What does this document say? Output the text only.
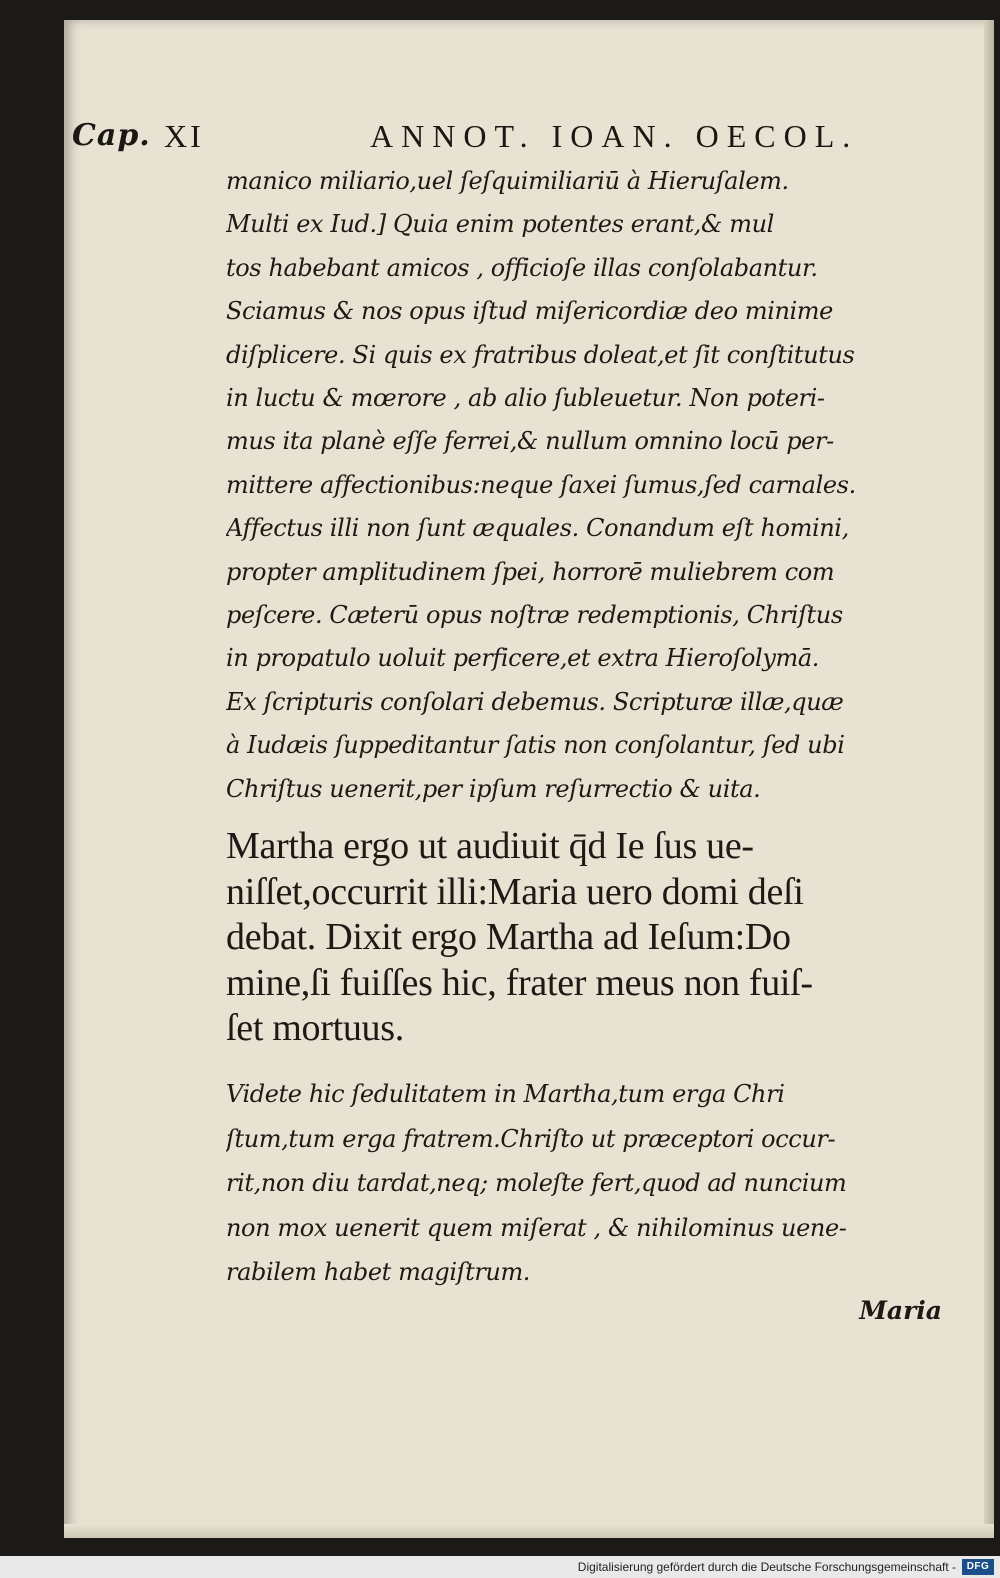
Cap. XI	ANNOT. IOAN. OECOL.
manico miliario,uel ſeſquimiliariū à Hieruſalem.
Multi ex Iud.] Quia enim potentes erant,& mul
tos habebant amicos , officioſe illas conſolabantur.
Sciamus & nos opus iſtud miſericordiæ deo minime
diſplicere. Si quis ex fratribus doleat,et ſit conſtitutus
in luctu & mœrore , ab alio ſubleuetur. Non poteri-
mus ita planè eſſe ferrei,& nullum omnino locū per-
mittere affectionibus:neque ſaxei ſumus,ſed carnales.
Affectus illi non ſunt æquales. Conandum eſt homini,
propter amplitudinem ſpei, horrorē muliebrem com
peſcere. Cæterū opus noſtræ redemptionis, Chriſtus
in propatulo uoluit perficere,et extra Hieroſolymā.
Ex ſcripturis conſolari debemus. Scripturæ illæ,quæ
à Iudæis ſuppeditantur ſatis non conſolantur, ſed ubi
Chriſtus uenerit,per ipſum reſurrectio & uita.
Martha ergo ut audiuit q̄d Ie ſus ue-
niſſet,occurrit illi:Maria uero domi deſi
debat. Dixit ergo Martha ad Ieſum:Do
mine,ſi fuiſſes hic, frater meus non fuiſ-
ſet mortuus.
Videte hic ſedulitatem in Martha,tum erga Chri
ſtum,tum erga fratrem.Chriſto ut præceptori occur-
rit,non diu tardat,neq; moleſte fert,quod ad nuncium
non mox uenerit quem miſerat , & nihilominus uene-
rabilem habet magiſtrum.
Maria
Digitalisierung gefördert durch die Deutsche Forschungsgemeinschaft -	DFG
